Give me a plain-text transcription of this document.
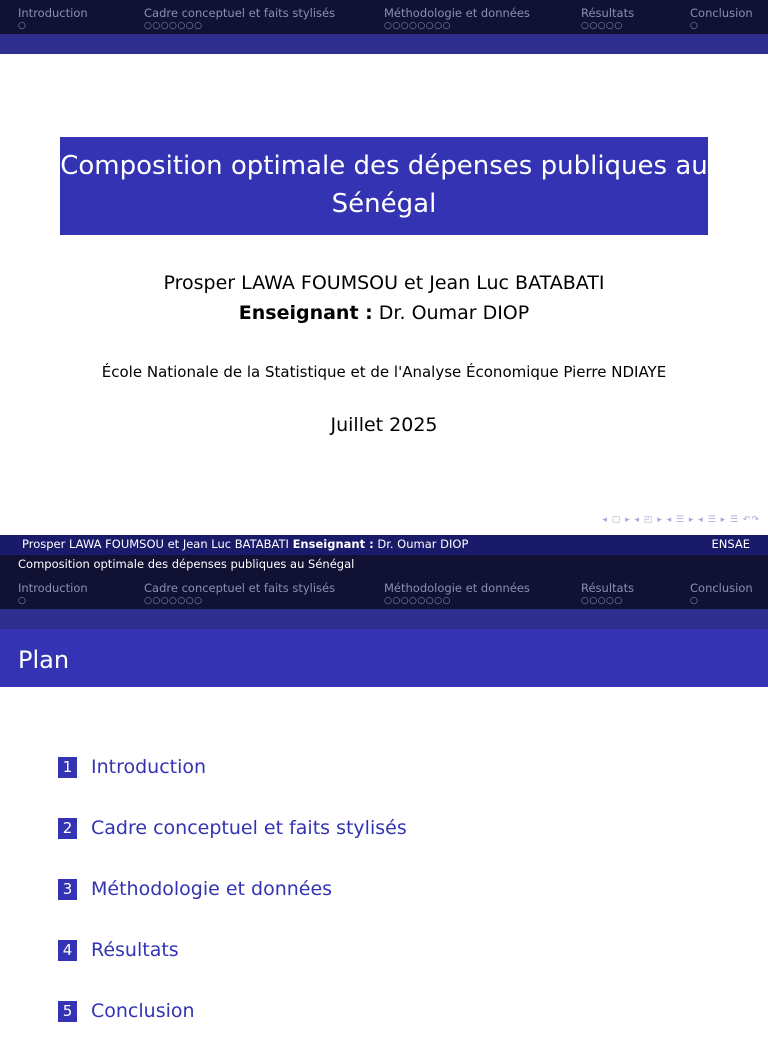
Introduction
○
Cadre conceptuel et faits stylisés
○○○○○○○
Méthodologie et données
○○○○○○○○
Résultats
○○○○○
Conclusion
○
Composition optimale des dépenses publiques au Sénégal
Prosper LAWA FOUMSOU et Jean Luc BATABATI
Enseignant : Dr. Oumar DIOP
École Nationale de la Statistique et de l'Analyse Économique Pierre NDIAYE
Juillet 2025
◂ ▢ ▸ ◂ ◰ ▸ ◂ ☰ ▸ ◂ ☰ ▸ ☰ ↶↷
Prosper LAWA FOUMSOU et Jean Luc BATABATI Enseignant : Dr. Oumar DIOP	ENSAE
Composition optimale des dépenses publiques au Sénégal
Introduction
○
Cadre conceptuel et faits stylisés
○○○○○○○
Méthodologie et données
○○○○○○○○
Résultats
○○○○○
Conclusion
○
Plan
1 Introduction
2 Cadre conceptuel et faits stylisés
3 Méthodologie et données
4 Résultats
5 Conclusion
